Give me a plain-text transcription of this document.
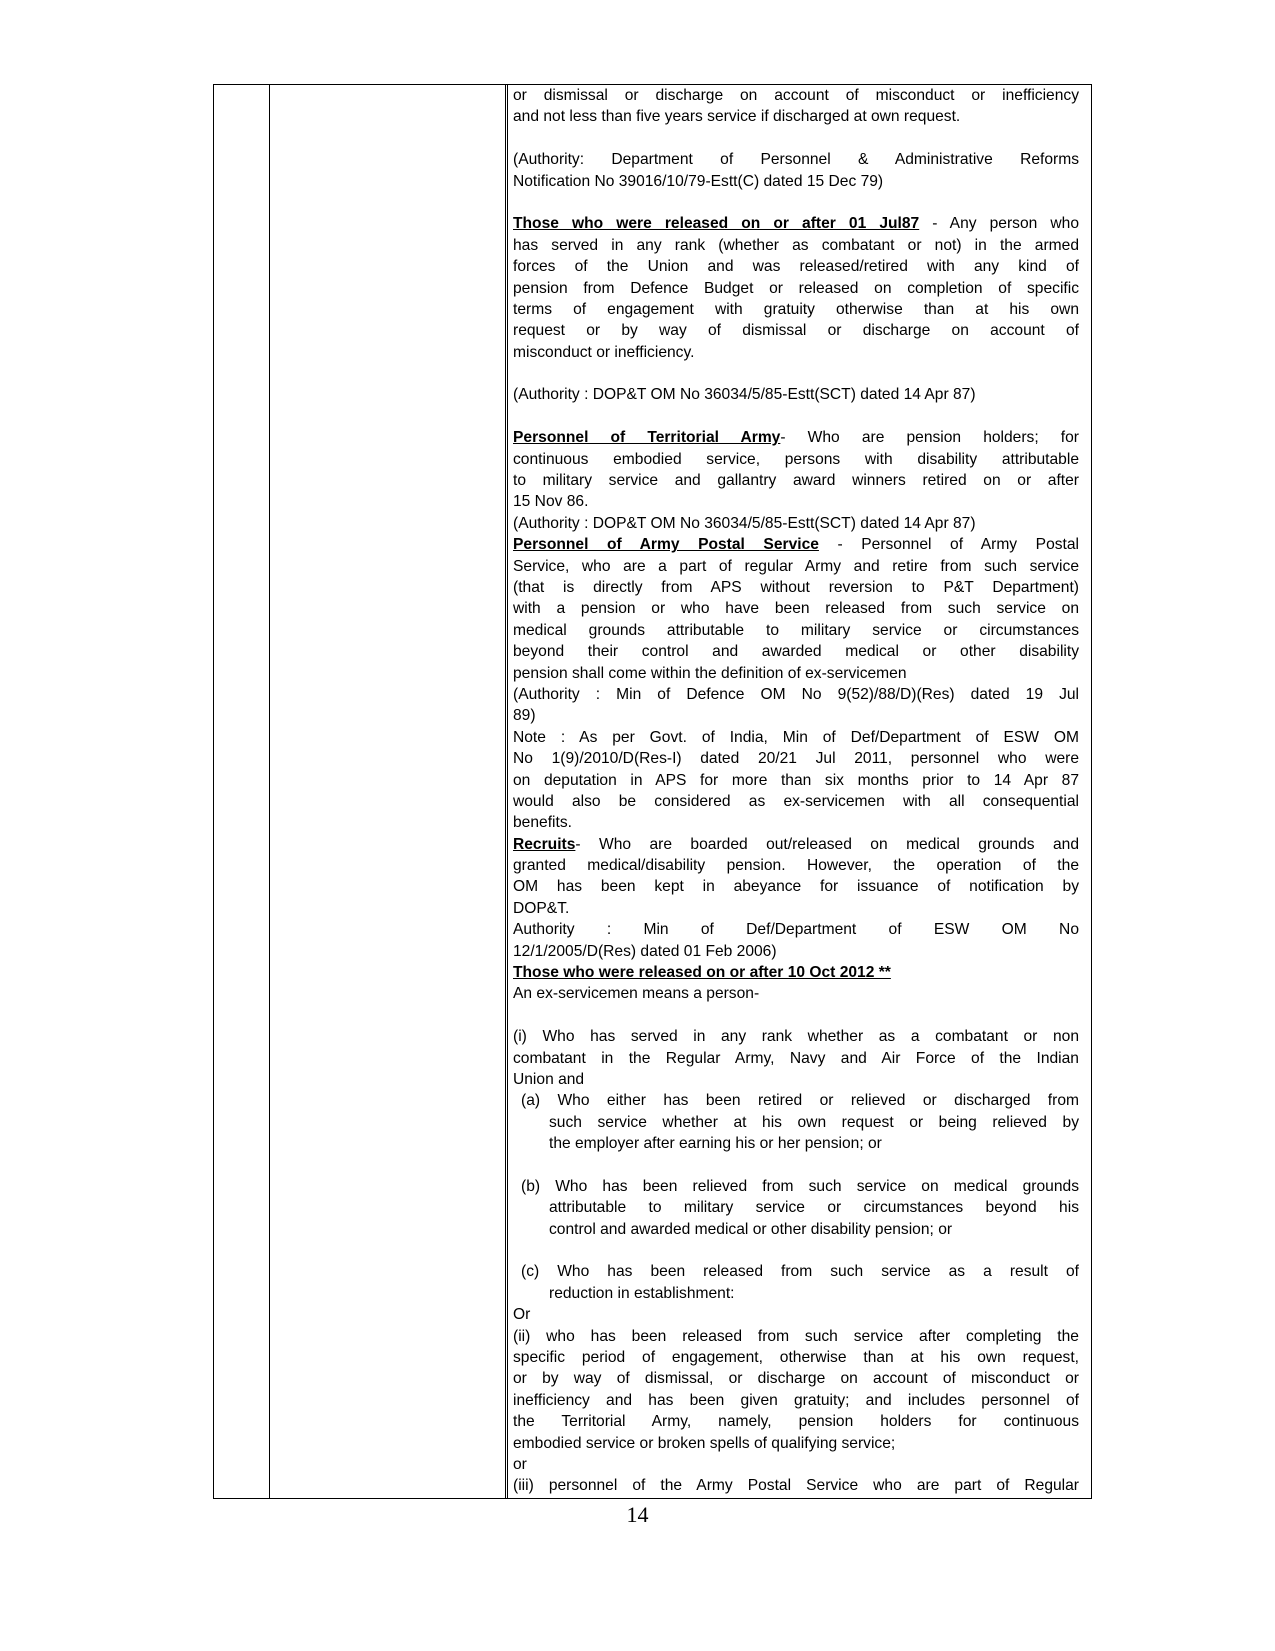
or dismissal or discharge on account of misconduct or inefficiency
and not less than five years service if discharged at own request.
(Authority: Department of Personnel & Administrative Reforms
Notification No 39016/10/79-Estt(C) dated 15 Dec 79)
Those who were released on or after 01 Jul87 - Any person who
has served in any rank (whether as combatant or not) in the armed
forces of the Union and was released/retired with any kind of
pension from Defence Budget or released on completion of specific
terms of engagement with gratuity otherwise than at his own
request or by way of dismissal or discharge on account of
misconduct or inefficiency.
(Authority : DOP&T OM No 36034/5/85-Estt(SCT) dated 14 Apr 87)
Personnel of Territorial Army- Who are pension holders; for
continuous embodied service, persons with disability attributable
to military service and gallantry award winners retired on or after
15 Nov 86.
(Authority : DOP&T OM No 36034/5/85-Estt(SCT) dated 14 Apr 87)
Personnel of Army Postal Service - Personnel of Army Postal
Service, who are a part of regular Army and retire from such service
(that is directly from APS without reversion to P&T Department)
with a pension or who have been released from such service on
medical grounds attributable to military service or circumstances
beyond their control and awarded medical or other disability
pension shall come within the definition of ex-servicemen
(Authority : Min of Defence OM No 9(52)/88/D)(Res) dated 19 Jul
89)
Note : As per Govt. of India, Min of Def/Department of ESW OM
No 1(9)/2010/D(Res-I) dated 20/21 Jul 2011, personnel who were
on deputation in APS for more than six months prior to 14 Apr 87
would also be considered as ex-servicemen with all consequential
benefits.
Recruits- Who are boarded out/released on medical grounds and
granted medical/disability pension. However, the operation of the
OM has been kept in abeyance for issuance of notification by
DOP&T.
Authority : Min of Def/Department of ESW OM No
12/1/2005/D(Res) dated 01 Feb 2006)
Those who were released on or after 10 Oct 2012 **
An ex-servicemen means a person-
(i) Who has served in any rank whether as a combatant or non
combatant in the Regular Army, Navy and Air Force of the Indian
Union and
(a) Who either has been retired or relieved or discharged from
such service whether at his own request or being relieved by
the employer after earning his or her pension; or
(b) Who has been relieved from such service on medical grounds
attributable to military service or circumstances beyond his
control and awarded medical or other disability pension; or
(c) Who has been released from such service as a result of
reduction in establishment:
Or
(ii) who has been released from such service after completing the
specific period of engagement, otherwise than at his own request,
or by way of dismissal, or discharge on account of misconduct or
inefficiency and has been given gratuity; and includes personnel of
the Territorial Army, namely, pension holders for continuous
embodied service or broken spells of qualifying service;
or
(iii) personnel of the Army Postal Service who are part of Regular
14
